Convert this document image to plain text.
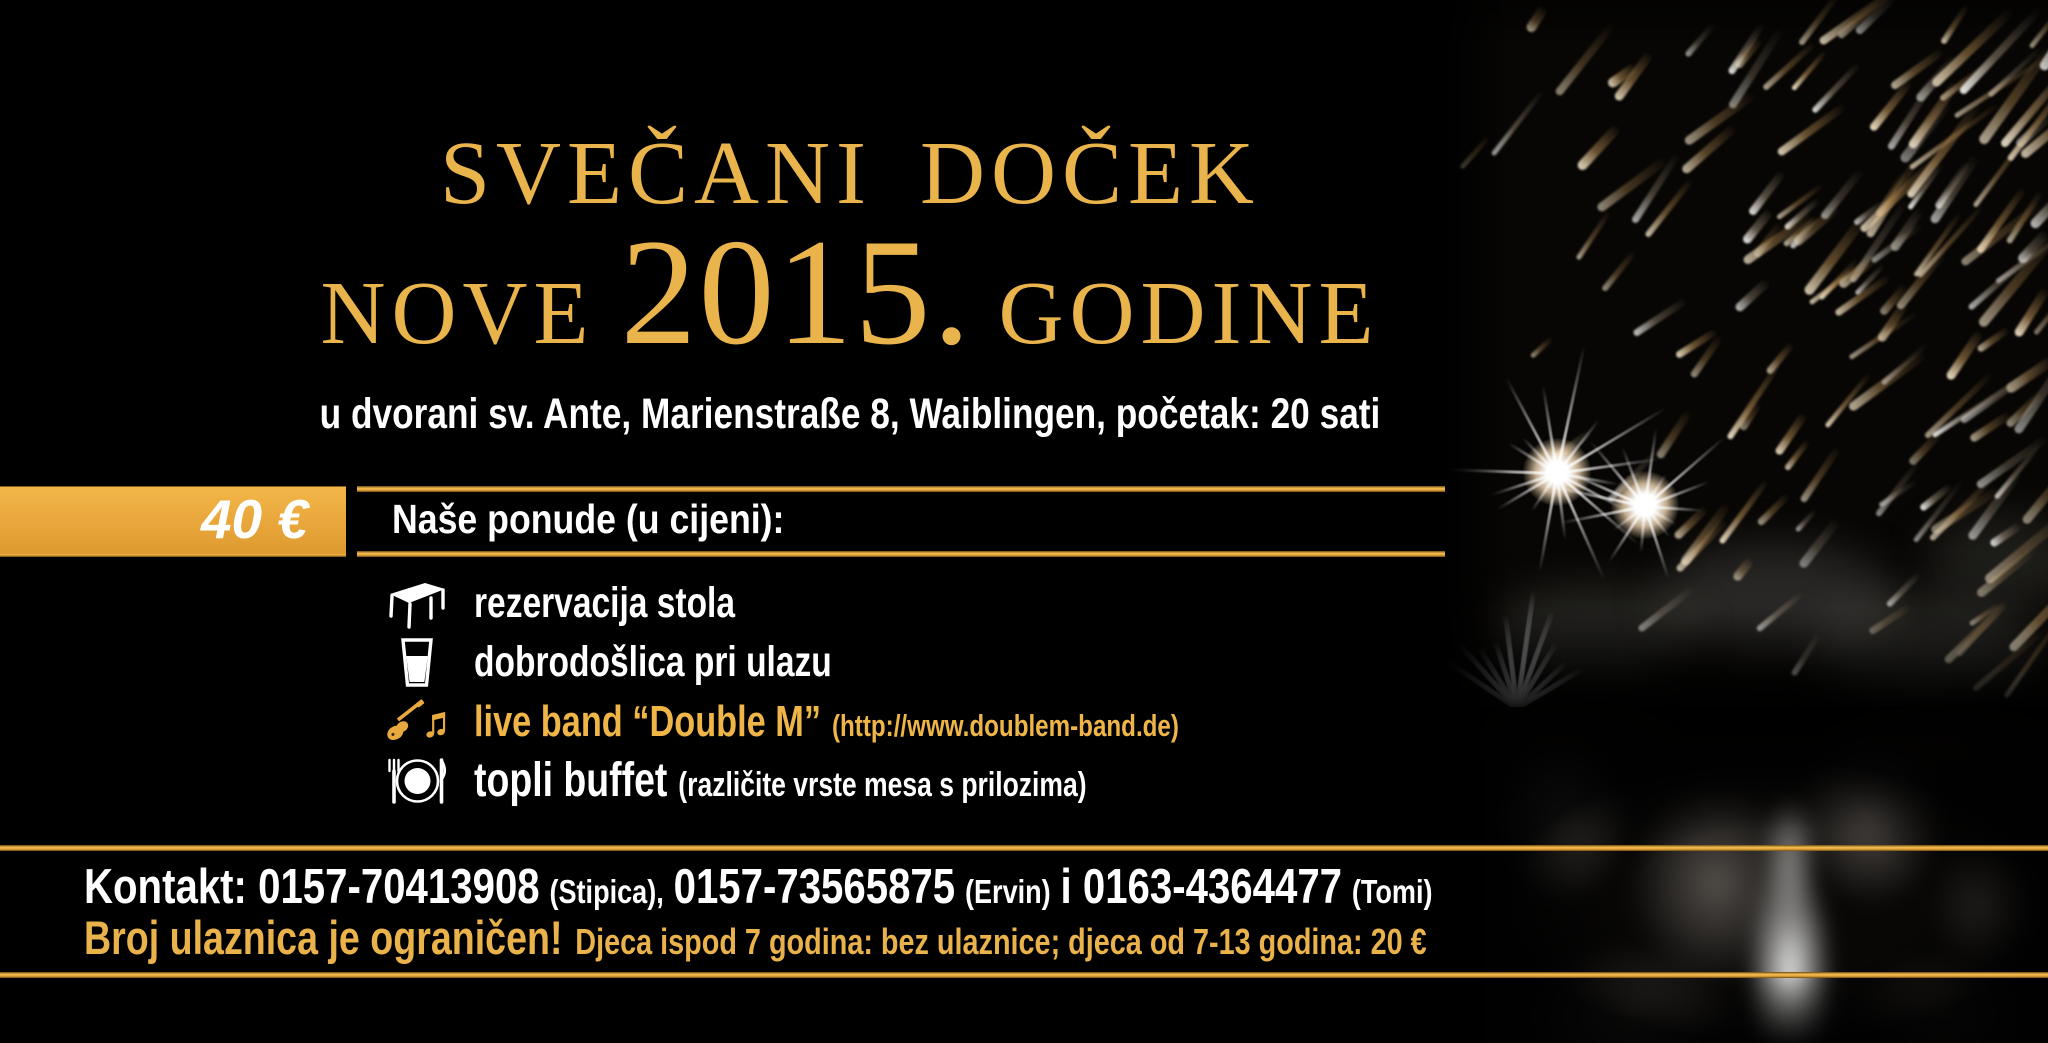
svečani doček
nove 2015. godine
u dvorani sv. Ante, Marienstraße 8, Waiblingen, početak: 20 sati
40 €	Naše ponude (u cijeni):
rezervacija stola
dobrodošlica pri ulazu
live band “Double M” (http://www.doublem-band.de)
topli buffet (različite vrste mesa s prilozima)
Kontakt: 0157-70413908 (Stipica), 0157-73565875 (Ervin) i 0163-4364477 (Tomi)
Broj ulaznica je ograničen! Djeca ispod 7 godina: bez ulaznice; djeca od 7-13 godina: 20 €
